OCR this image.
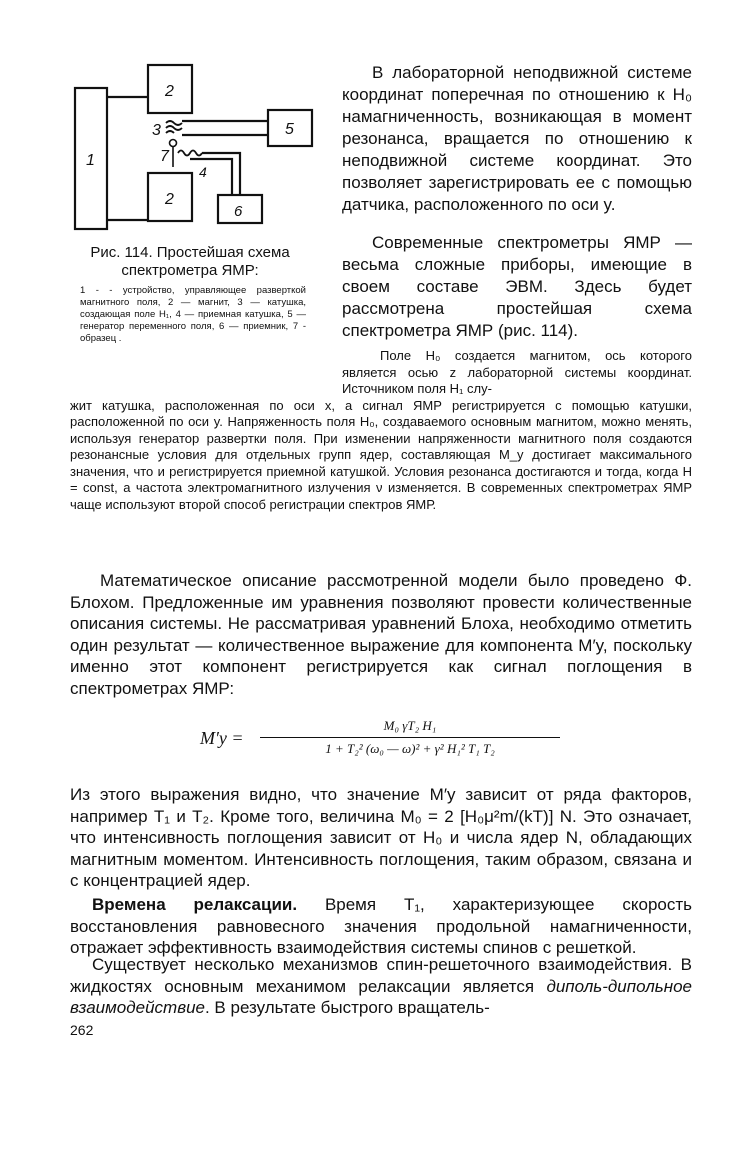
1
2
2
3	5
7
4
6
Рис. 114. Простейшая схема спектрометра ЯМР:
1 - - устройство, управляющее разверткой магнитного поля, 2 — магнит, 3 — катушка, создающая поле H₁, 4 — приемная катушка, 5 — генератор переменного поля, 6 — приемник, 7 - образец .

В лабораторной неподвижной системе координат поперечная по отношению к H₀ намагниченность, возникающая в момент резонанса, вращается по отношению к неподвижной системе координат. Это позволяет зарегистрировать ее с помощью датчика, расположенного по оси y.

Современные спектрометры ЯМР — весьма сложные приборы, имеющие в своем составе ЭВМ. Здесь будет рассмотрена простейшая схема спектрометра ЯМР (рис. 114).

Поле H₀ создается магнитом, ось которого является осью z лабораторной системы координат. Источником поля H₁ слу-
жит катушка, расположенная по оси x, а сигнал ЯМР регистрируется с помощью катушки, расположенной по оси y. Напряженность поля H₀, создаваемого основным магнитом, можно менять, используя генератор развертки поля. При изменении напряженности магнитного поля создаются резонансные условия для отдельных групп ядер, составляющая M_y достигает максимального значения, что и регистрируется приемной катушкой. Условия резонанса достигаются и тогда, когда H = const, а частота электромагнитного излучения ν изменяется. В современных спектрометрах ЯМР чаще используют второй способ регистрации спектров ЯМР.

Математическое описание рассмотренной модели было проведено Ф. Блохом. Предложенные им уравнения позволяют провести количественные описания системы. Не рассматривая уравнений Блоха, необходимо отметить один результат — количественное выражение для компонента M′y, поскольку именно этот компонент регистрируется как сигнал поглощения в спектрометрах ЯМР:

M′y =
M₀ γT₂ H₁
1 + T₂² (ω₀ — ω)² + γ² H₁² T₁ T₂

Из этого выражения видно, что значение M′y зависит от ряда факторов, например T₁ и T₂. Кроме того, величина M₀ = 2 [H₀μ²m/(kT)] N. Это означает, что интенсивность поглощения зависит от H₀ и числа ядер N, обладающих магнитным моментом. Интенсивность поглощения, таким образом, связана и с концентрацией ядер.

Времена релаксации. Время T₁, характеризующее скорость восстановления равновесного значения продольной намагниченности, отражает эффективность взаимодействия системы спинов с решеткой.

Существует несколько механизмов спин-решеточного взаимодействия. В жидкостях основным механимом релаксации является диполь-дипольное взаимодействие. В результате быстрого вращатель-

262
